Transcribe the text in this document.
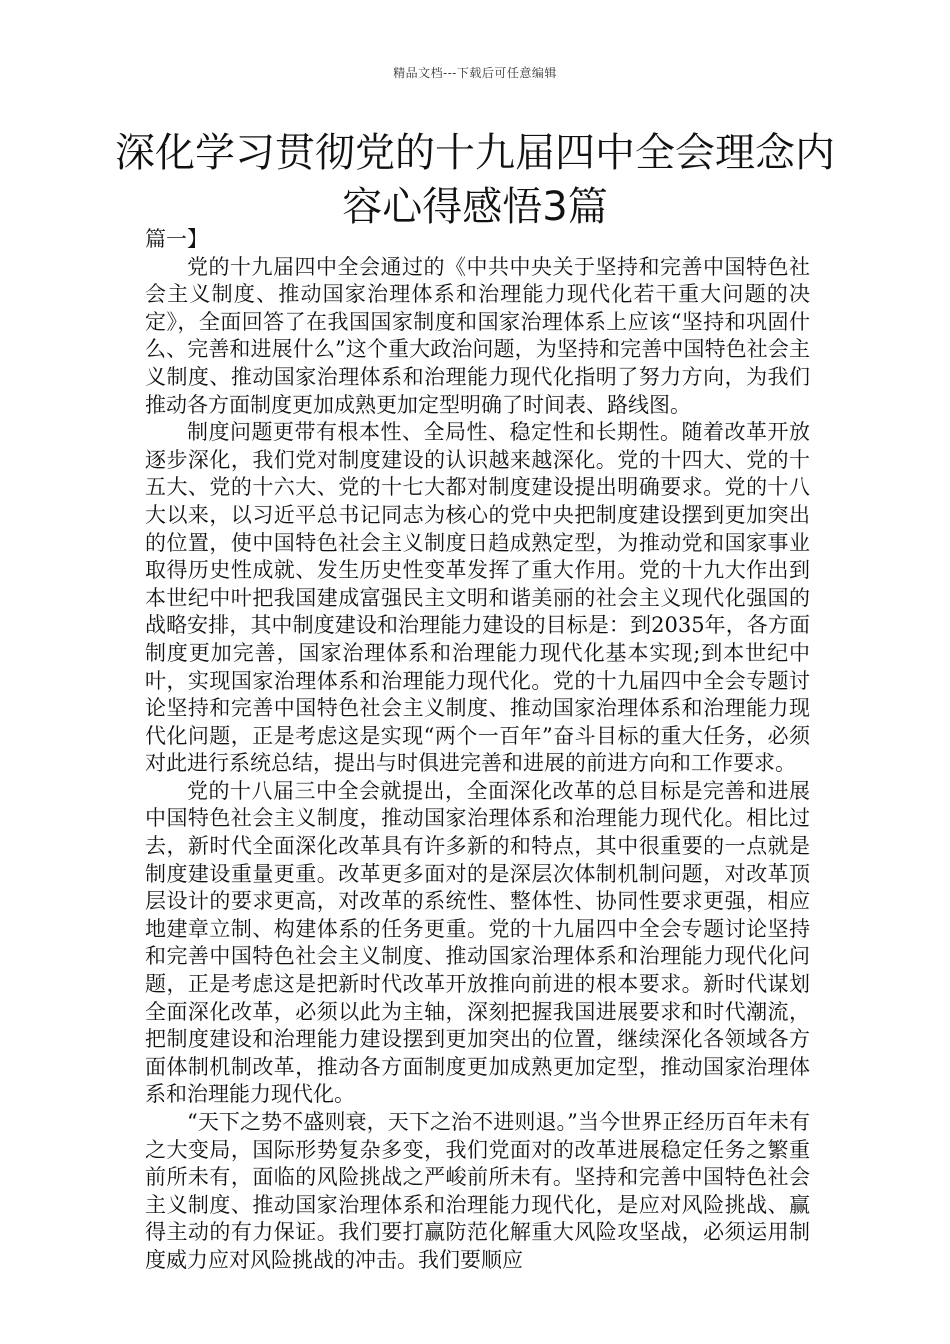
精品文档---下载后可任意编辑
深化学习贯彻党的十九届四中全会理念内容心得感悟3篇

篇一】

党的十九届四中全会通过的《中共中央关于坚持和完善中国特色社会主义制度、推动国家治理体系和治理能力现代化若干重大问题的决定》，全面回答了在我国国家制度和国家治理体系上应该“坚持和巩固什么、完善和进展什么”这个重大政治问题，为坚持和完善中国特色社会主义制度、推动国家治理体系和治理能力现代化指明了努力方向，为我们推动各方面制度更加成熟更加定型明确了时间表、路线图。

制度问题更带有根本性、全局性、稳定性和长期性。随着改革开放逐步深化，我们党对制度建设的认识越来越深化。党的十四大、党的十五大、党的十六大、党的十七大都对制度建设提出明确要求。党的十八大以来，以习近平总书记同志为核心的党中央把制度建设摆到更加突出的位置，使中国特色社会主义制度日趋成熟定型，为推动党和国家事业取得历史性成就、发生历史性变革发挥了重大作用。党的十九大作出到本世纪中叶把我国建成富强民主文明和谐美丽的社会主义现代化强国的战略安排，其中制度建设和治理能力建设的目标是：到2035年，各方面制度更加完善，国家治理体系和治理能力现代化基本实现;到本世纪中叶，实现国家治理体系和治理能力现代化。党的十九届四中全会专题讨论坚持和完善中国特色社会主义制度、推动国家治理体系和治理能力现代化问题，正是考虑这是实现“两个一百年”奋斗目标的重大任务，必须对此进行系统总结，提出与时俱进完善和进展的前进方向和工作要求。

党的十八届三中全会就提出，全面深化改革的总目标是完善和进展中国特色社会主义制度，推动国家治理体系和治理能力现代化。相比过去，新时代全面深化改革具有许多新的和特点，其中很重要的一点就是制度建设重量更重。改革更多面对的是深层次体制机制问题，对改革顶层设计的要求更高，对改革的系统性、整体性、协同性要求更强，相应地建章立制、构建体系的任务更重。党的十九届四中全会专题讨论坚持和完善中国特色社会主义制度、推动国家治理体系和治理能力现代化问题，正是考虑这是把新时代改革开放推向前进的根本要求。新时代谋划全面深化改革，必须以此为主轴，深刻把握我国进展要求和时代潮流，把制度建设和治理能力建设摆到更加突出的位置，继续深化各领域各方面体制机制改革，推动各方面制度更加成熟更加定型，推动国家治理体系和治理能力现代化。

“天下之势不盛则衰，天下之治不进则退。”当今世界正经历百年未有之大变局，国际形势复杂多变，我们党面对的改革进展稳定任务之繁重前所未有，面临的风险挑战之严峻前所未有。坚持和完善中国特色社会主义制度、推动国家治理体系和治理能力现代化，是应对风险挑战、赢得主动的有力保证。我们要打赢防范化解重大风险攻坚战，必须运用制度威力应对风险挑战的冲击。我们要顺应
